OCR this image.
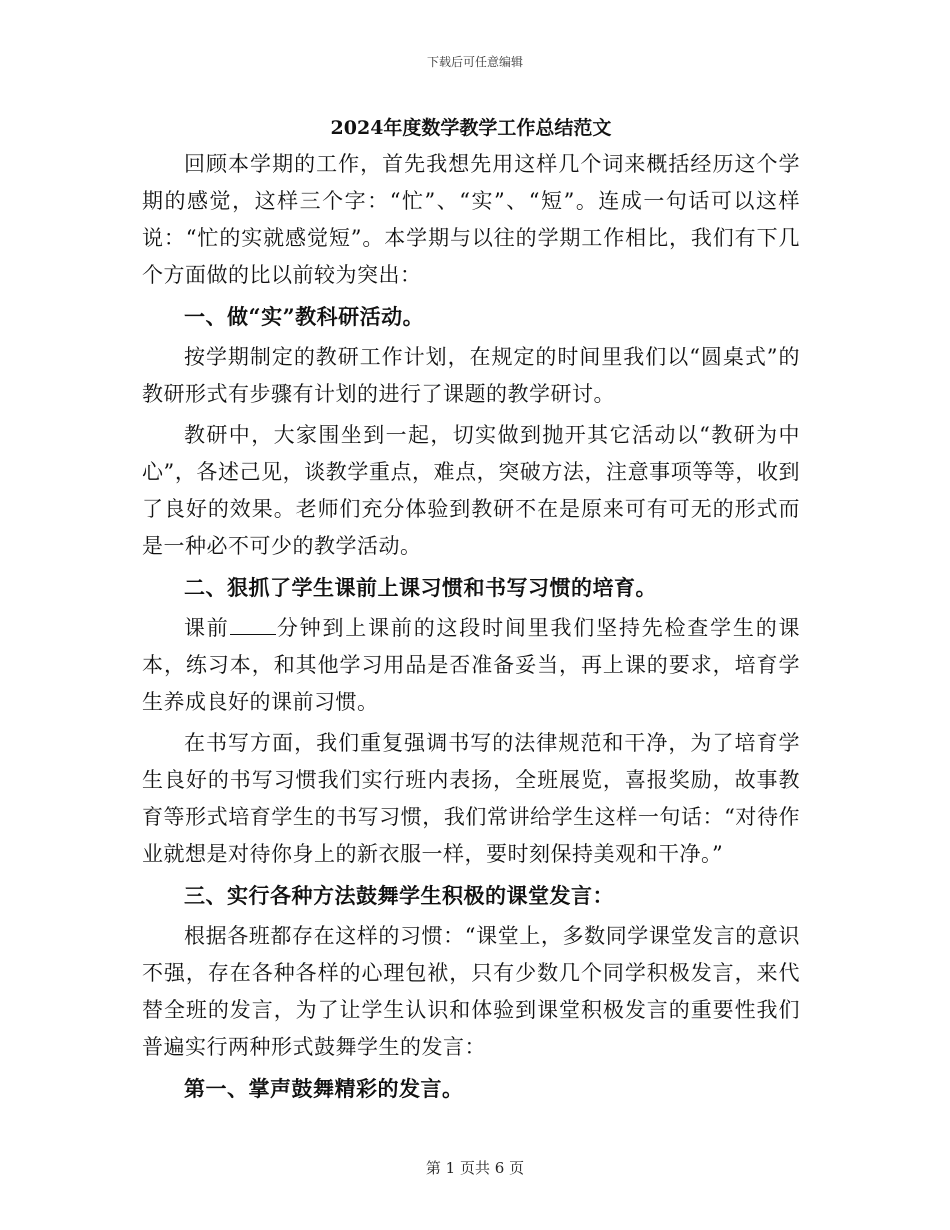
下载后可任意编辑
2024年度数学教学工作总结范文

回顾本学期的工作，首先我想先用这样几个词来概括经历这个学期的感觉，这样三个字：“忙”、“实”、“短”。连成一句话可以这样说：“忙的实就感觉短”。本学期与以往的学期工作相比，我们有下几个方面做的比以前较为突出：

一、做“实”教科研活动。

按学期制定的教研工作计划，在规定的时间里我们以“圆桌式”的教研形式有步骤有计划的进行了课题的教学研讨。

教研中，大家围坐到一起，切实做到抛开其它活动以“教研为中心”，各述己见，谈教学重点，难点，突破方法，注意事项等等，收到了良好的效果。老师们充分体验到教研不在是原来可有可无的形式而是一种必不可少的教学活动。

二、狠抓了学生课前上课习惯和书写习惯的培育。

课前 分钟到上课前的这段时间里我们坚持先检查学生的课本，练习本，和其他学习用品是否准备妥当，再上课的要求，培育学生养成良好的课前习惯。

在书写方面，我们重复强调书写的法律规范和干净，为了培育学生良好的书写习惯我们实行班内表扬，全班展览，喜报奖励，故事教育等形式培育学生的书写习惯，我们常讲给学生这样一句话：“对待作业就想是对待你身上的新衣服一样，要时刻保持美观和干净。”

三、实行各种方法鼓舞学生积极的课堂发言：

根据各班都存在这样的习惯：“课堂上，多数同学课堂发言的意识不强，存在各种各样的心理包袱，只有少数几个同学积极发言，来代替全班的发言，为了让学生认识和体验到课堂积极发言的重要性我们普遍实行两种形式鼓舞学生的发言：

第一、掌声鼓舞精彩的发言。

第 1 页共 6 页
